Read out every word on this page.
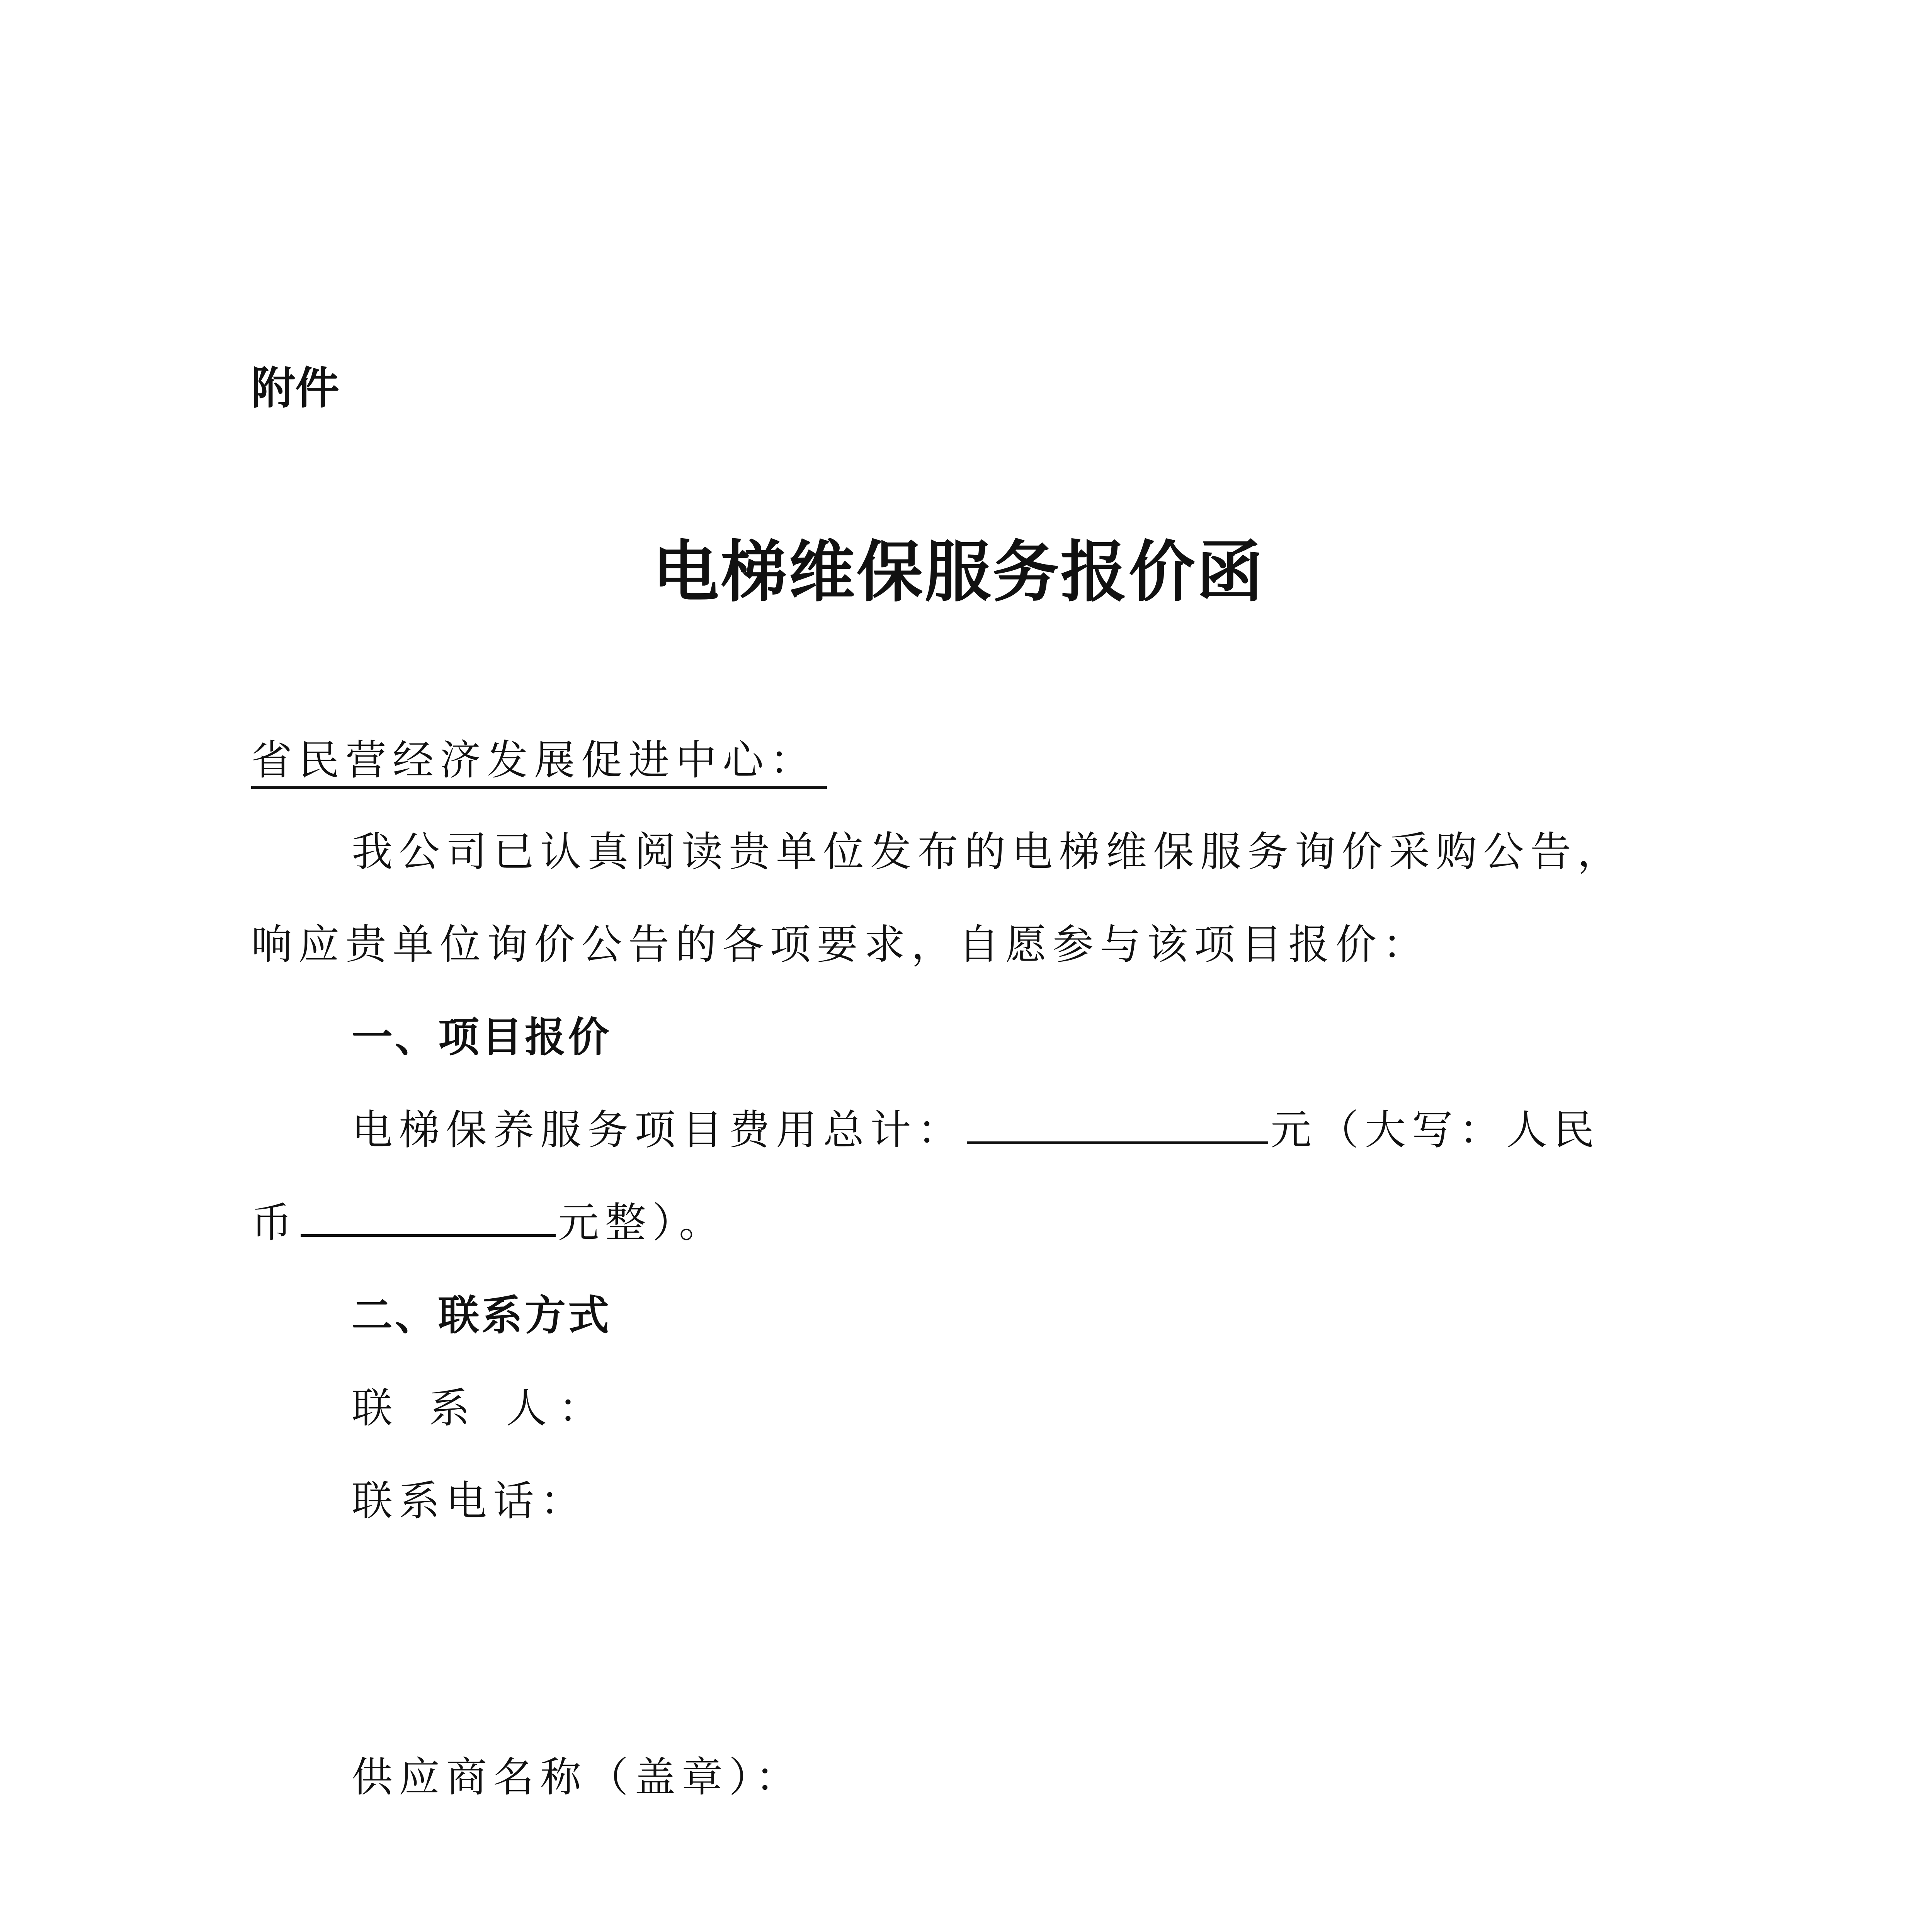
附件
电梯维保服务报价函
省民营经济发展促进中心：
我公司已认真阅读贵单位发布的电梯维保服务询价采购公告，
响应贵单位询价公告的各项要求，自愿参与该项目报价：
一、项目报价
电梯保养服务项目费用总计：	元（大写：人民
币	元整）。
二、联系方式
联 系 人：
联系电话：
供应商名称（盖章）：
